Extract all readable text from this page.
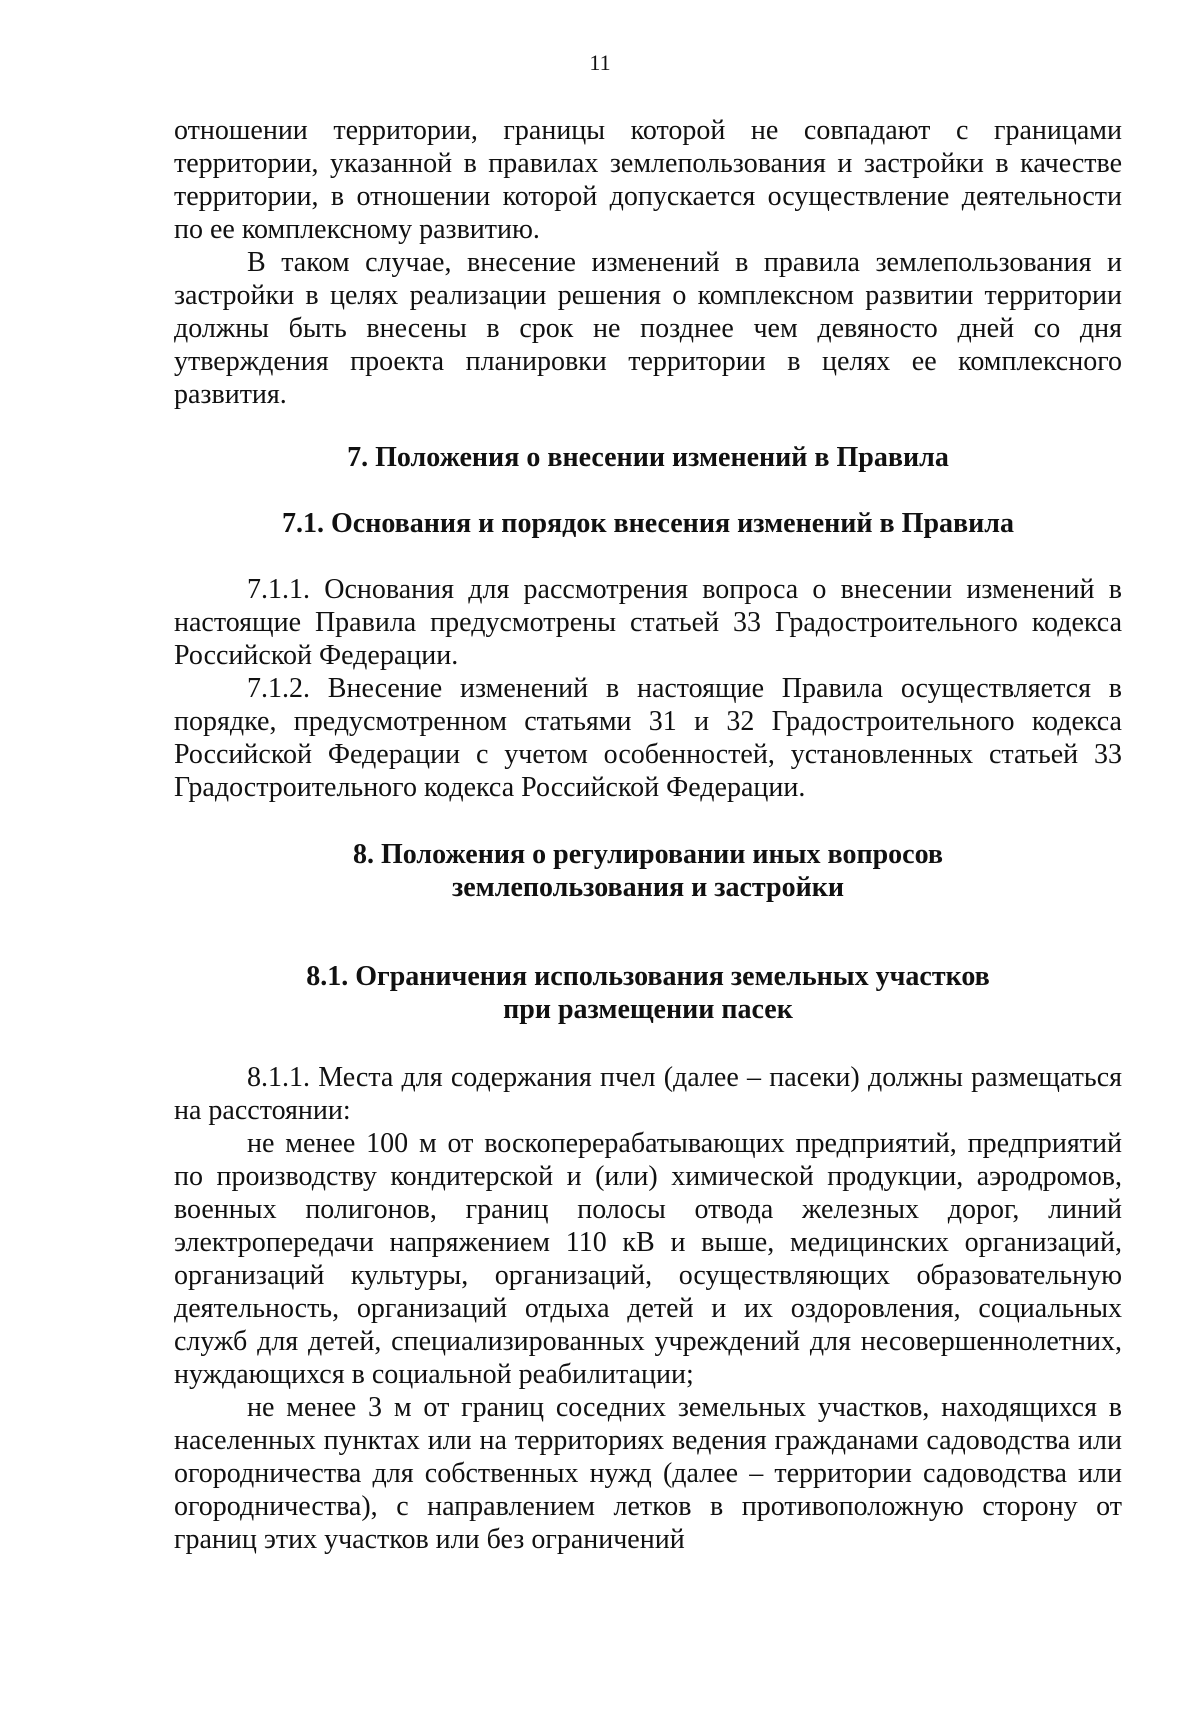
11

отношении территории, границы которой не совпадают с границами территории, указанной в правилах землепользования и застройки в качестве территории, в отношении которой допускается осуществление деятельности по ее комплексному развитию.

В таком случае, внесение изменений в правила землепользования и застройки в целях реализации решения о комплексном развитии территории должны быть внесены в срок не позднее чем девяносто дней со дня утверждения проекта планировки территории в целях ее комплексного развития.

7. Положения о внесении изменений в Правила
7.1. Основания и порядок внесения изменений в Правила

7.1.1. Основания для рассмотрения вопроса о внесении изменений в настоящие Правила предусмотрены статьей 33 Градостроительного кодекса Российской Федерации.

7.1.2. Внесение изменений в настоящие Правила осуществляется в порядке, предусмотренном статьями 31 и 32 Градостроительного кодекса Российской Федерации с учетом особенностей, установленных статьей 33 Градостроительного кодекса Российской Федерации.

8. Положения о регулировании иных вопросов
землепользования и застройки
8.1. Ограничения использования земельных участков
при размещении пасек

8.1.1. Места для содержания пчел (далее – пасеки) должны размещаться на расстоянии:

не менее 100 м от воскоперерабатывающих предприятий, предприятий по производству кондитерской и (или) химической продукции, аэродромов, военных полигонов, границ полосы отвода железных дорог, линий электропередачи напряжением 110 кВ и выше, медицинских организаций, организаций культуры, организаций, осуществляющих образовательную деятельность, организаций отдыха детей и их оздоровления, социальных служб для детей, специализированных учреждений для несовершеннолетних, нуждающихся в социальной реабилитации;

не менее 3 м от границ соседних земельных участков, находящихся в населенных пунктах или на территориях ведения гражданами садоводства или огородничества для собственных нужд (далее – территории садоводства или огородничества), с направлением летков в противоположную сторону от границ этих участков или без ограничений
